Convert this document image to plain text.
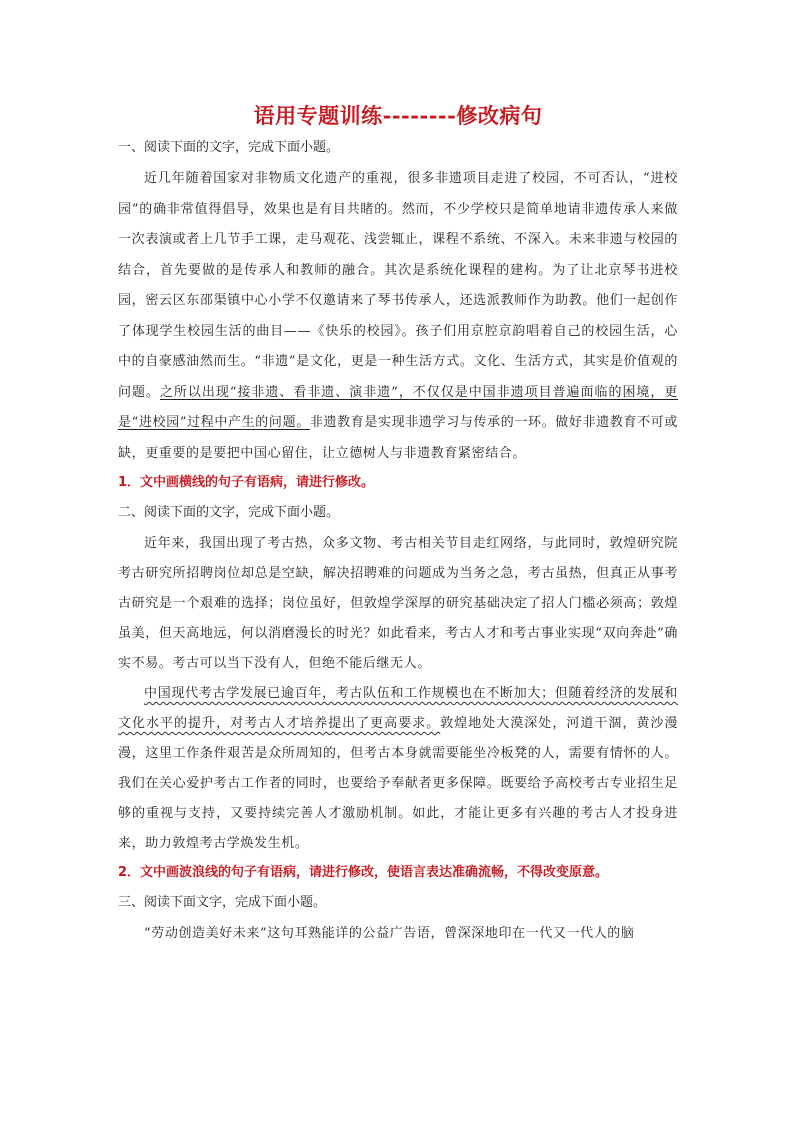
语用专题训练--------修改病句
一、阅读下面的文字，完成下面小题。

近几年随着国家对非物质文化遗产的重视，很多非遗项目走进了校园，不可否认，“进校园”的确非常值得倡导，效果也是有目共睹的。然而，不少学校只是简单地请非遗传承人来做一次表演或者上几节手工课，走马观花、浅尝辄止，课程不系统、不深入。未来非遗与校园的结合，首先要做的是传承人和教师的融合。其次是系统化课程的建构。为了让北京琴书进校园，密云区东邵渠镇中心小学不仅邀请来了琴书传承人，还选派教师作为助教。他们一起创作了体现学生校园生活的曲目——《快乐的校园》。孩子们用京腔京韵唱着自己的校园生活，心中的自豪感油然而生。“非遗”是文化，更是一种生活方式。文化、生活方式，其实是价值观的问题。之所以出现“接非遗、看非遗、演非遗”，不仅仅是中国非遗项目普遍面临的困境，更是“进校园”过程中产生的问题。非遗教育是实现非遗学习与传承的一环。做好非遗教育不可或缺，更重要的是要把中国心留住，让立德树人与非遗教育紧密结合。

1．文中画横线的句子有语病，请进行修改。
二、阅读下面的文字，完成下面小题。

近年来，我国出现了考古热，众多文物、考古相关节目走红网络，与此同时，敦煌研究院考古研究所招聘岗位却总是空缺，解决招聘难的问题成为当务之急，考古虽热，但真正从事考古研究是一个艰难的选择；岗位虽好，但敦煌学深厚的研究基础决定了招人门槛必须高；敦煌虽美，但天高地远，何以消磨漫长的时光？如此看来，考古人才和考古事业实现“双向奔赴”确实不易。考古可以当下没有人，但绝不能后继无人。

中国现代考古学发展已逾百年，考古队伍和工作规模也在不断加大；但随着经济的发展和文化水平的提升，对考古人才培养提出了更高要求。敦煌地处大漠深处，河道干涸，黄沙漫漫，这里工作条件艰苦是众所周知的，但考古本身就需要能坐冷板凳的人，需要有情怀的人。我们在关心爱护考古工作者的同时，也要给予奉献者更多保障。既要给予高校考古专业招生足够的重视与支持，又要持续完善人才激励机制。如此，才能让更多有兴趣的考古人才投身进来，助力敦煌考古学焕发生机。

2．文中画波浪线的句子有语病，请进行修改，使语言表达准确流畅，不得改变原意。
三、阅读下面文字，完成下面小题。

“劳动创造美好未来”这句耳熟能详的公益广告语，曾深深地印在一代又一代人的脑
